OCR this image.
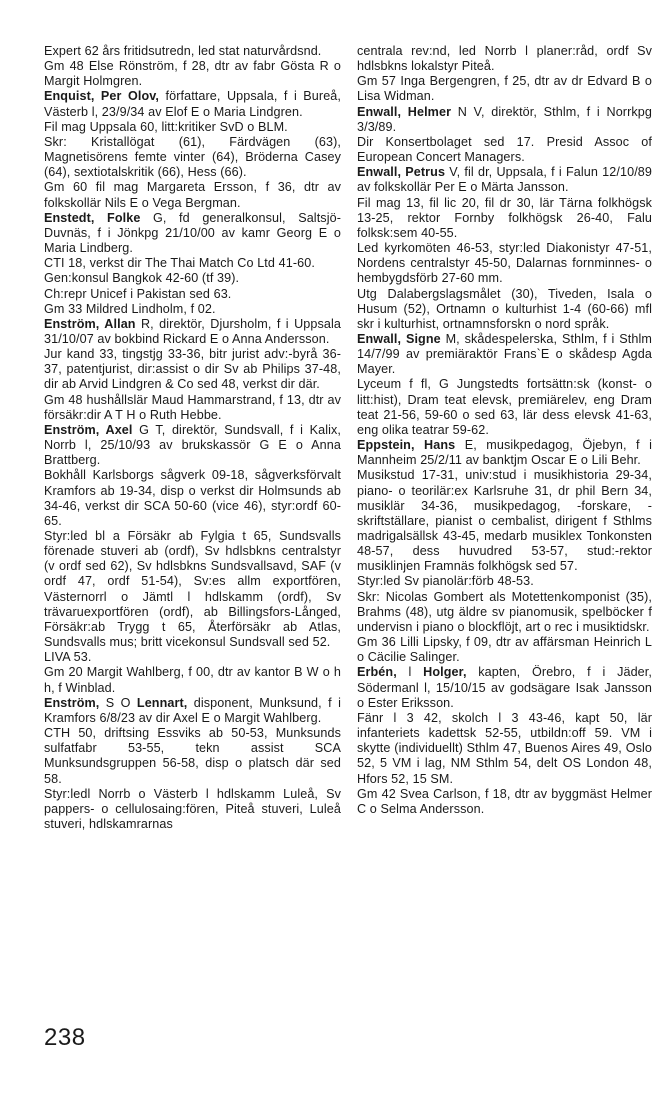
Expert 62 års fritidsutredn, led stat naturvårdsnd.

Gm 48 Else Rönström, f 28, dtr av fabr Gösta R o Margit Holmgren.

Enquist, Per Olov, författare, Uppsala, f i Bureå, Västerb l, 23/9/34 av Elof E o Maria Lindgren.

Fil mag Uppsala 60, litt:kritiker SvD o BLM.

Skr: Kristallögat (61), Färdvägen (63), Magnetisörens femte vinter (64), Bröderna Casey (64), sextiotalskritik (66), Hess (66).

Gm 60 fil mag Margareta Ersson, f 36, dtr av folkskollär Nils E o Vega Bergman.

Enstedt, Folke G, fd generalkonsul, Saltsjö-Duvnäs, f i Jönkpg 21/10/00 av kamr Georg E o Maria Lindberg.

CTI 18, verkst dir The Thai Match Co Ltd 41-60.

Gen:konsul Bangkok 42-60 (tf 39).

Ch:repr Unicef i Pakistan sed 63.

Gm 33 Mildred Lindholm, f 02.

Enström, Allan R, direktör, Djursholm, f i Uppsala 31/10/07 av bokbind Rickard E o Anna Andersson.

Jur kand 33, tingstjg 33-36, bitr jurist adv:-byrå 36-37, patentjurist, dir:assist o dir Sv ab Philips 37-48, dir ab Arvid Lindgren & Co sed 48, verkst dir där.

Gm 48 hushållslär Maud Hammarstrand, f 13, dtr av försäkr:dir A T H o Ruth Hebbe.

Enström, Axel G T, direktör, Sundsvall, f i Kalix, Norrb l, 25/10/93 av brukskassör G E o Anna Brattberg.

Bokhåll Karlsborgs sågverk 09-18, sågverksförvalt Kramfors ab 19-34, disp o verkst dir Holmsunds ab 34-46, verkst dir SCA 50-60 (vice 46), styr:ordf 60-65.

Styr:led bl a Försäkr ab Fylgia t 65, Sundsvalls förenade stuveri ab (ordf), Sv hdlsbkns centralstyr (v ordf sed 62), Sv hdlsbkns Sundsvallsavd, SAF (v ordf 47, ordf 51-54), Sv:es allm exportfören, Västernorrl o Jämtl l hdlskamm (ordf), Sv trävaruexportfören (ordf), ab Billingsfors-Långed, Försäkr:ab Trygg t 65, Återförsäkr ab Atlas, Sundsvalls mus; britt vicekonsul Sundsvall sed 52.

LIVA 53.

Gm 20 Margit Wahlberg, f 00, dtr av kantor B W o h h, f Winblad.

Enström, S O Lennart, disponent, Munksund, f i Kramfors 6/8/23 av dir Axel E o Margit Wahlberg.

CTH 50, driftsing Essviks ab 50-53, Munksunds sulfatfabr 53-55, tekn assist SCA Munksundsgruppen 56-58, disp o platsch där sed 58.

Styr:ledl Norrb o Västerb l hdlskamm Luleå, Sv pappers- o cellulosaing:fören, Piteå stuveri, Luleå stuveri, hdlskamrarnas

centrala rev:nd, led Norrb l planer:råd, ordf Sv hdlsbkns lokalstyr Piteå.

Gm 57 Inga Bergengren, f 25, dtr av dr Edvard B o Lisa Widman.

Enwall, Helmer N V, direktör, Sthlm, f i Norrkpg 3/3/89.

Dir Konsertbolaget sed 17. Presid Assoc of European Concert Managers.

Enwall, Petrus V, fil dr, Uppsala, f i Falun 12/10/89 av folkskollär Per E o Märta Jansson.

Fil mag 13, fil lic 20, fil dr 30, lär Tärna folkhögsk 13-25, rektor Fornby folkhögsk 26-40, Falu folksk:sem 40-55.

Led kyrkomöten 46-53, styr:led Diakonistyr 47-51, Nordens centralstyr 45-50, Dalarnas fornminnes- o hembygdsförb 27-60 mm.

Utg Dalabergslagsmålet (30), Tiveden, Isala o Husum (52), Ortnamn o kulturhist 1-4 (60-66) mfl skr i kulturhist, ortnamnsforskn o nord språk.

Enwall, Signe M, skådespelerska, Sthlm, f i Sthlm 14/7/99 av premiäraktör Frans`E o skådesp Agda Mayer.

Lyceum f fl, G Jungstedts fortsättn:sk (konst- o litt:hist), Dram teat elevsk, premiärelev, eng Dram teat 21-56, 59-60 o sed 63, lär dess elevsk 41-63, eng olika teatrar 59-62.

Eppstein, Hans E, musikpedagog, Öjebyn, f i Mannheim 25/2/11 av banktjm Oscar E o Lili Behr.

Musikstud 17-31, univ:stud i musikhistoria 29-34, piano- o teorilär:ex Karlsruhe 31, dr phil Bern 34, musiklär 34-36, musikpedagog, -forskare, -skriftställare, pianist o cembalist, dirigent f Sthlms madrigalsällsk 43-45, medarb musiklex Tonkonsten 48-57, dess huvudred 53-57, stud:-rektor musiklinjen Framnäs folkhögsk sed 57.

Styr:led Sv pianolär:förb 48-53.

Skr: Nicolas Gombert als Motettenkomponist (35), Brahms (48), utg äldre sv pianomusik, spelböcker f undervisn i piano o blockflöjt, art o rec i musiktidskr.

Gm 36 Lilli Lipsky, f 09, dtr av affärsman Heinrich L o Cäcilie Salinger.

Erbén, l Holger, kapten, Örebro, f i Jäder, Södermanl l, 15/10/15 av godsägare Isak Jansson o Ester Eriksson.

Fänr l 3 42, skolch l 3 43-46, kapt 50, lär infanteriets kadettsk 52-55, utbildn:off 59. VM i skytte (individuellt) Sthlm 47, Buenos Aires 49, Oslo 52, 5 VM i lag, NM Sthlm 54, delt OS London 48, Hfors 52, 15 SM.

Gm 42 Svea Carlson, f 18, dtr av byggmäst Helmer C o Selma Andersson.

238
